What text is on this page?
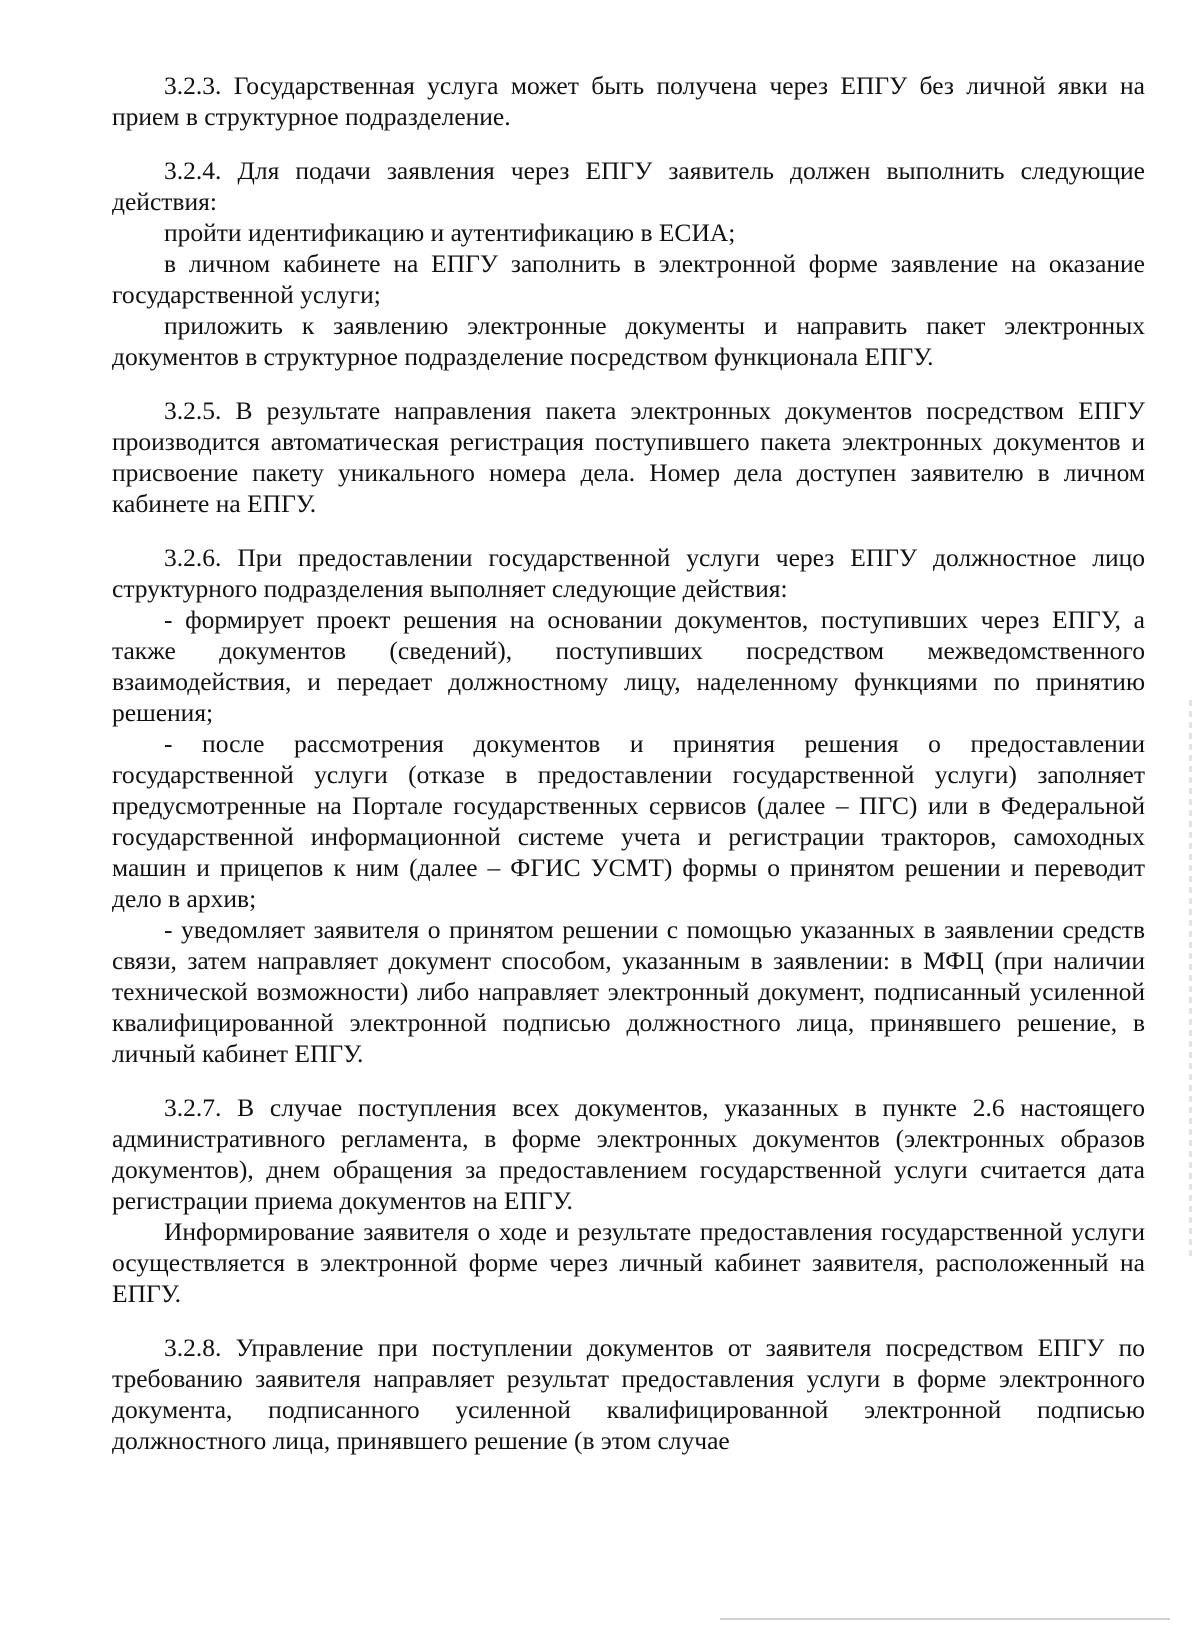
3.2.3. Государственная услуга может быть получена через ЕПГУ без личной явки на прием в структурное подразделение.

3.2.4. Для подачи заявления через ЕПГУ заявитель должен выполнить следующие действия:

пройти идентификацию и аутентификацию в ЕСИА;

в личном кабинете на ЕПГУ заполнить в электронной форме заявление на оказание государственной услуги;

приложить к заявлению электронные документы и направить пакет электронных документов в структурное подразделение посредством функционала ЕПГУ.

3.2.5. В результате направления пакета электронных документов посредством ЕПГУ производится автоматическая регистрация поступившего пакета электронных документов и присвоение пакету уникального номера дела. Номер дела доступен заявителю в личном кабинете на ЕПГУ.

3.2.6. При предоставлении государственной услуги через ЕПГУ должностное лицо структурного подразделения выполняет следующие действия:

- формирует проект решения на основании документов, поступивших через ЕПГУ, а также документов (сведений), поступивших посредством межведомственного взаимодействия, и передает должностному лицу, наделенному функциями по принятию решения;

- после рассмотрения документов и принятия решения о предоставлении государственной услуги (отказе в предоставлении государственной услуги) заполняет предусмотренные на Портале государственных сервисов (далее – ПГС) или в Федеральной государственной информационной системе учета и регистрации тракторов, самоходных машин и прицепов к ним (далее – ФГИС УСМТ) формы о принятом решении и переводит дело в архив;

- уведомляет заявителя о принятом решении с помощью указанных в заявлении средств связи, затем направляет документ способом, указанным в заявлении: в МФЦ (при наличии технической возможности) либо направляет электронный документ, подписанный усиленной квалифицированной электронной подписью должностного лица, принявшего решение, в личный кабинет ЕПГУ.

3.2.7. В случае поступления всех документов, указанных в пункте 2.6 настоящего административного регламента, в форме электронных документов (электронных образов документов), днем обращения за предоставлением государственной услуги считается дата регистрации приема документов на ЕПГУ.

Информирование заявителя о ходе и результате предоставления государственной услуги осуществляется в электронной форме через личный кабинет заявителя, расположенный на ЕПГУ.

3.2.8. Управление при поступлении документов от заявителя посредством ЕПГУ по требованию заявителя направляет результат предоставления услуги в форме электронного документа, подписанного усиленной квалифицированной электронной подписью должностного лица, принявшего решение (в этом случае
